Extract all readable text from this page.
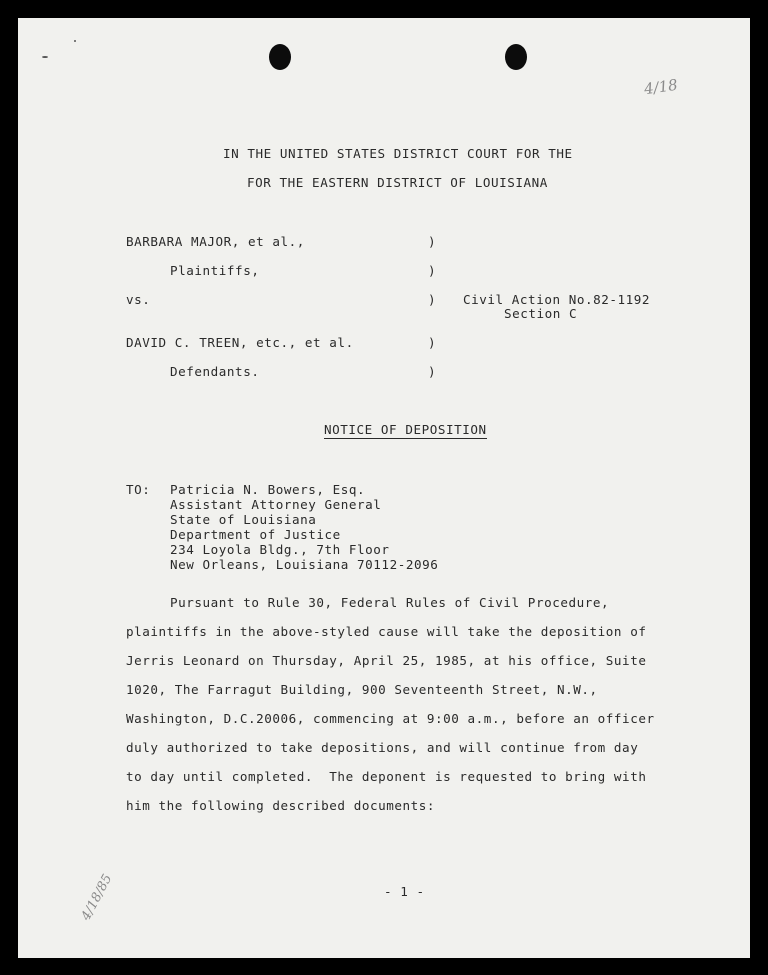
4/18
4/18/85
IN THE UNITED STATES DISTRICT COURT FOR THE
FOR THE EASTERN DISTRICT OF LOUISIANA
BARBARA MAJOR, et al.,
Plaintiffs,
vs.
DAVID C. TREEN, etc., et al.
Defendants.
)
)
)
)
)
Civil Action No.82-1192
Section C
NOTICE OF DEPOSITION
TO: Patricia N. Bowers, Esq.
Assistant Attorney General
State of Louisiana
Department of Justice
234 Loyola Bldg., 7th Floor
New Orleans, Louisiana 70112-2096
Pursuant to Rule 30, Federal Rules of Civil Procedure,
plaintiffs in the above-styled cause will take the deposition of
Jerris Leonard on Thursday, April 25, 1985, at his office, Suite
1020, The Farragut Building, 900 Seventeenth Street, N.W.,
Washington, D.C.20006, commencing at 9:00 a.m., before an officer
duly authorized to take depositions, and will continue from day
to day until completed.  The deponent is requested to bring with
him the following described documents:
- 1 -
